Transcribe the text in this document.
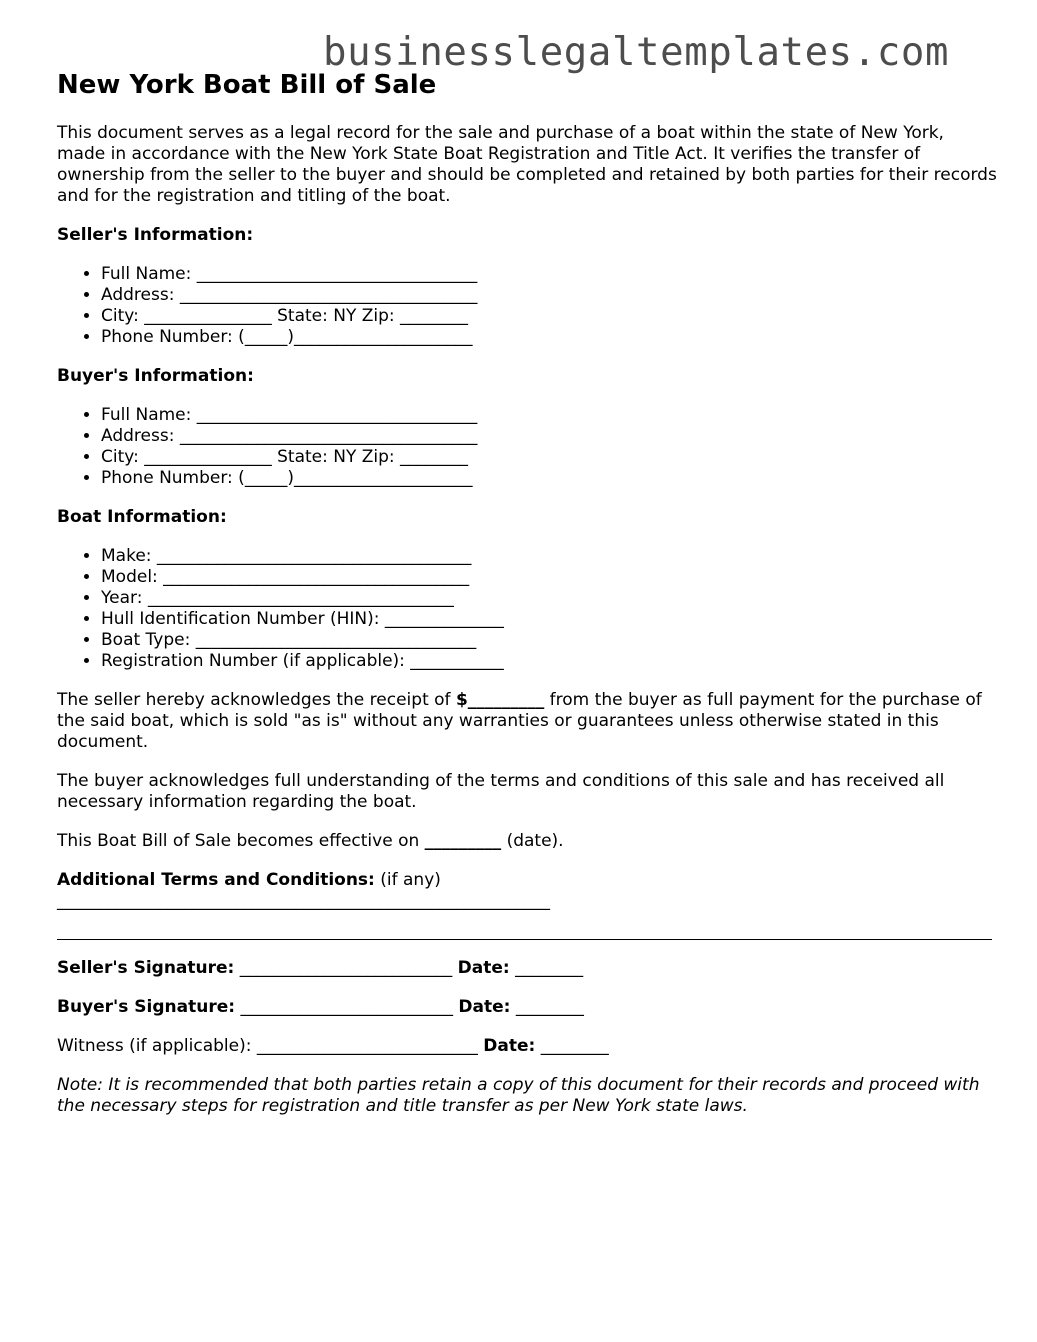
businesslegaltemplates.com
New York Boat Bill of Sale

This document serves as a legal record for the sale and purchase of a boat within the state of New York, made in accordance with the New York State Boat Registration and Title Act. It verifies the transfer of ownership from the seller to the buyer and should be completed and retained by both parties for their records and for the registration and titling of the boat.

Seller's Information:

• Full Name: _________________________________
• Address: ___________________________________
• City: _______________ State: NY Zip: ________
• Phone Number: (_____)_____________________

Buyer's Information:

• Full Name: _________________________________
• Address: ___________________________________
• City: _______________ State: NY Zip: ________
• Phone Number: (_____)_____________________

Boat Information:

• Make: _____________________________________
• Model: ____________________________________
• Year: ____________________________________
• Hull Identification Number (HIN): ______________
• Boat Type: _________________________________
• Registration Number (if applicable): ___________

The seller hereby acknowledges the receipt of $_________ from the buyer as full payment for the purchase of the said boat, which is sold "as is" without any warranties or guarantees unless otherwise stated in this document.

The buyer acknowledges full understanding of the terms and conditions of this sale and has received all necessary information regarding the boat.

This Boat Bill of Sale becomes effective on _________ (date).

Additional Terms and Conditions: (if any)

__________________________________________________________

Seller's Signature: _________________________ Date: ________

Buyer's Signature: _________________________ Date: ________

Witness (if applicable): __________________________ Date: ________

Note: It is recommended that both parties retain a copy of this document for their records and proceed with the necessary steps for registration and title transfer as per New York state laws.
